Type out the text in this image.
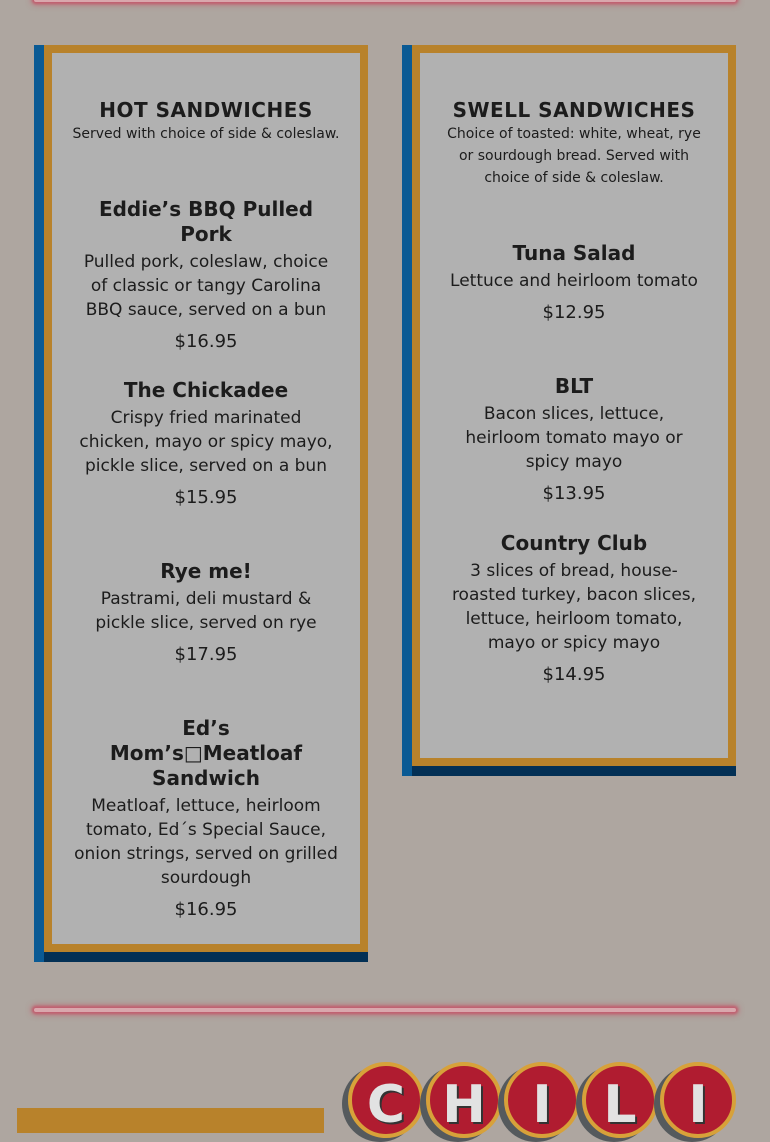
HOT SANDWICHES

Served with choice of side & coleslaw.

Eddie’s BBQ Pulled Pork

Pulled pork, coleslaw, choice of classic or tangy Carolina BBQ sauce, served on a bun

$16.95

The Chickadee

Crispy fried marinated chicken, mayo or spicy mayo, pickle slice, served on a bun

$15.95

Rye me!

Pastrami, deli mustard & pickle slice, served on rye

$17.95

Ed’s Mom’s□Meatloaf Sandwich

Meatloaf, lettuce, heirloom tomato, Ed´s Special Sauce, onion strings, served on grilled sourdough

$16.95

SWELL SANDWICHES

Choice of toasted: white, wheat, rye or sourdough bread. Served with choice of side & coleslaw.

Tuna Salad

Lettuce and heirloom tomato

$12.95

BLT

Bacon slices, lettuce, heirloom tomato mayo or spicy mayo

$13.95

Country Club

3 slices of bread, house-roasted turkey, bacon slices, lettuce, heirloom tomato, mayo or spicy mayo

$14.95

C H I L I
